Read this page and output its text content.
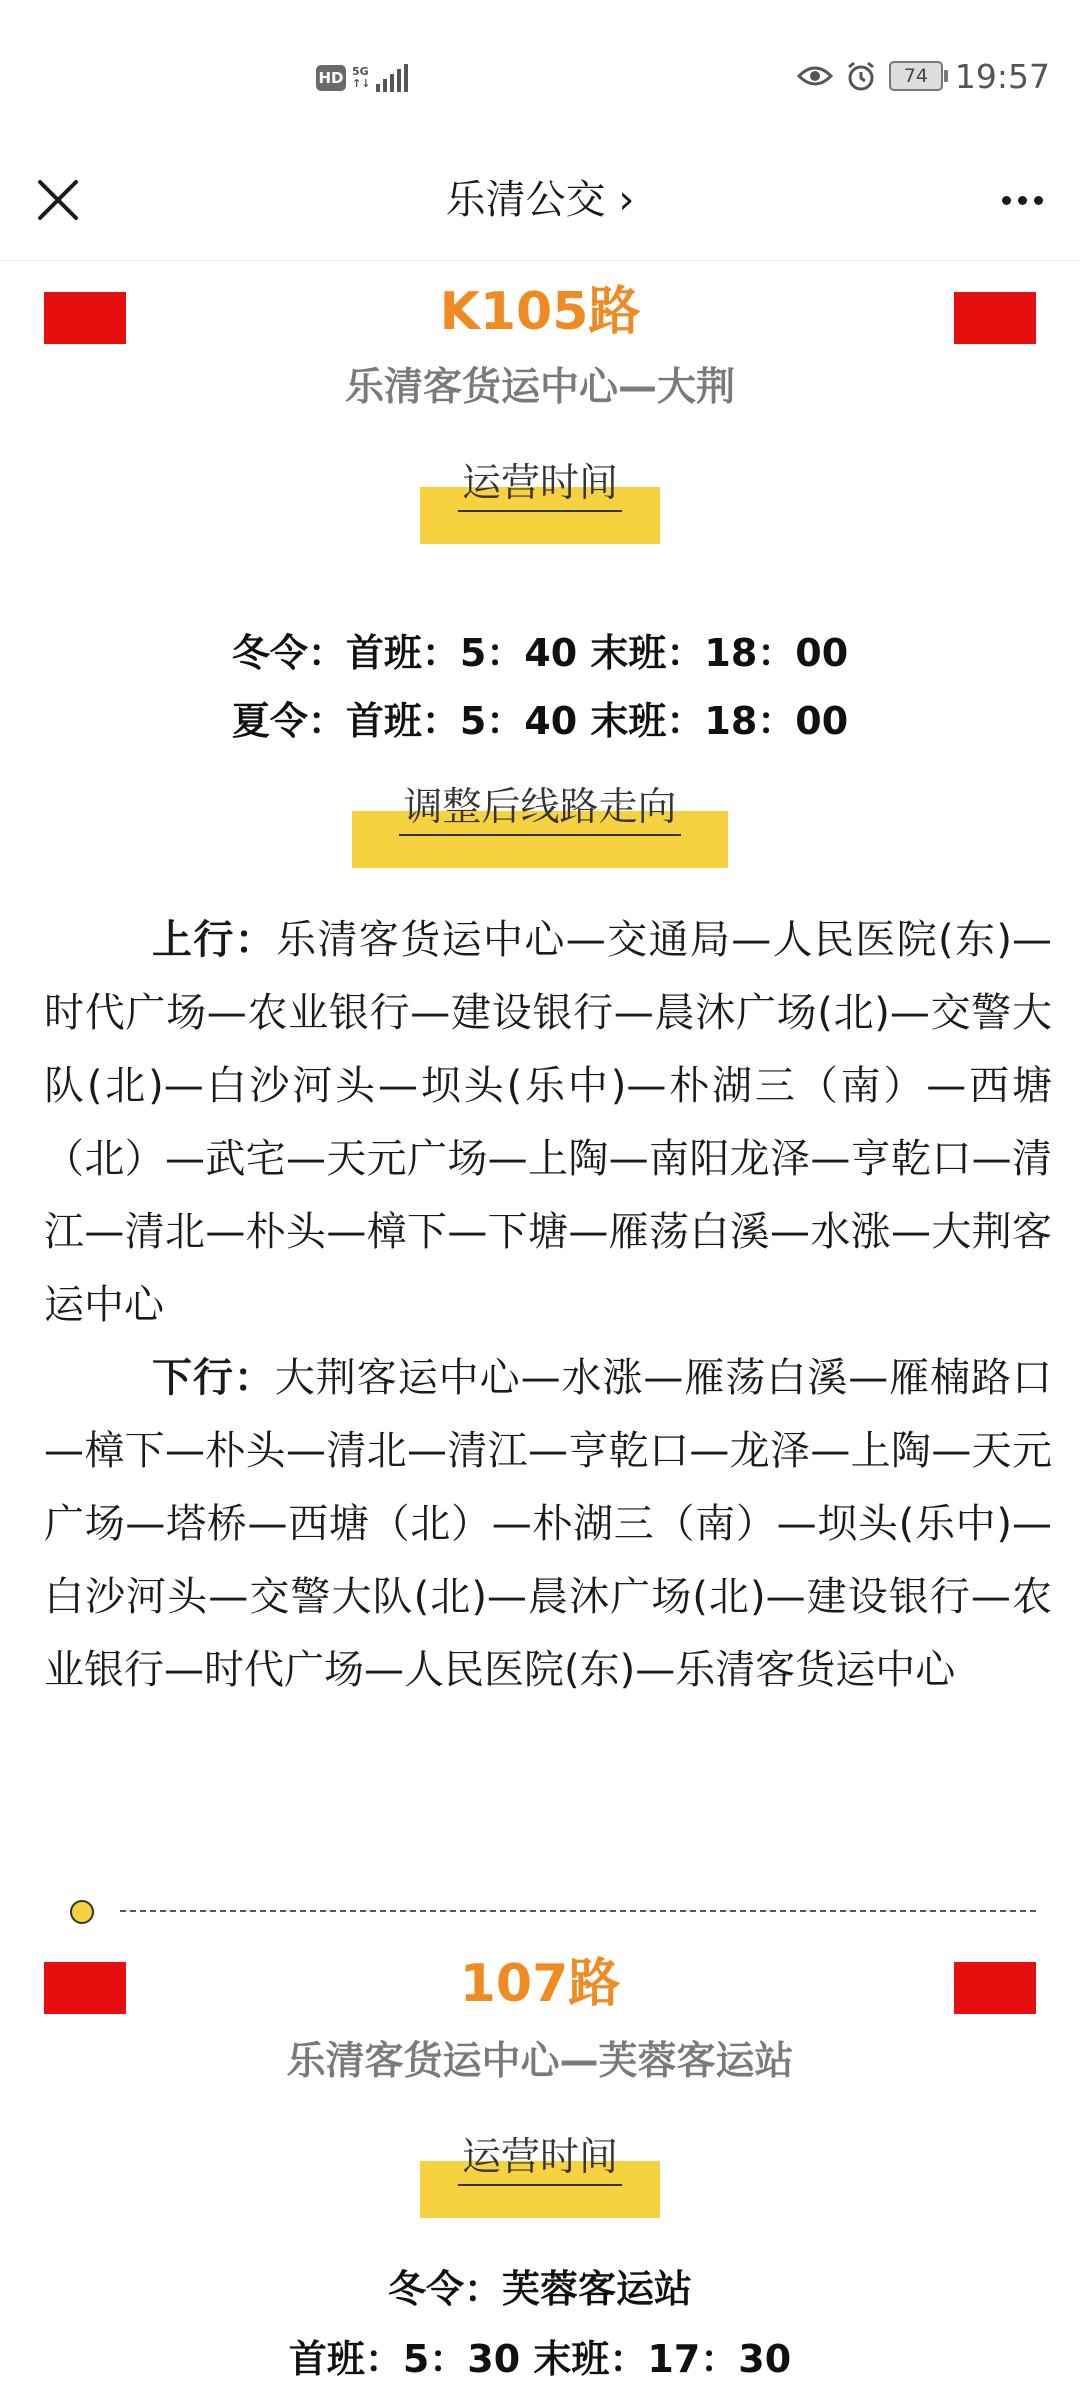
HD 5G
↑↓	74 19:57
乐清公交 ›
K105路
乐清客货运中心—大荆
运营时间
冬令：首班：5：40 末班：18：00
夏令：首班：5：40 末班：18：00
调整后线路走向

上行：乐清客货运中心—交通局—人民医院(东)—时代广场—农业银行—建设银行—晨沐广场(北)—交警大队(北)—白沙河头—坝头(乐中)—朴湖三（南）—西塘（北）—武宅—天元广场—上陶—南阳龙泽—亨乾口—清江—清北—朴头—樟下—下塘—雁荡白溪—水涨—大荆客运中心

下行：大荆客运中心—水涨—雁荡白溪—雁楠路口—樟下—朴头—清北—清江—亨乾口—龙泽—上陶—天元广场—塔桥—西塘（北）—朴湖三（南）—坝头(乐中)—白沙河头—交警大队(北)—晨沐广场(北)—建设银行—农业银行—时代广场—人民医院(东)—乐清客货运中心

107路
乐清客货运中心—芙蓉客运站
运营时间
冬令：芙蓉客运站
首班：5：30 末班：17：30
